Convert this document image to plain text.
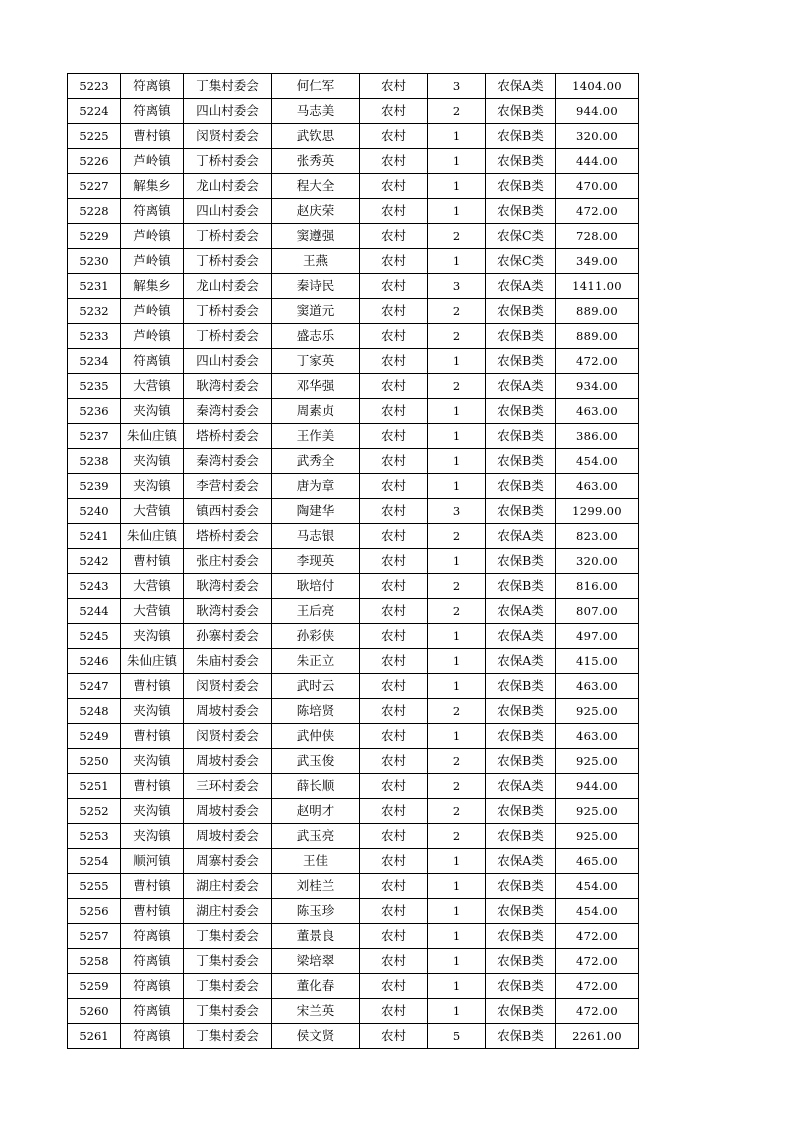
5223	符离镇	丁集村委会	何仁军	农村	3	农保A类	1404.00
5224	符离镇	四山村委会	马志美	农村	2	农保B类	944.00
5225	曹村镇	闵贤村委会	武钦思	农村	1	农保B类	320.00
5226	芦岭镇	丁桥村委会	张秀英	农村	1	农保B类	444.00
5227	解集乡	龙山村委会	程大全	农村	1	农保B类	470.00
5228	符离镇	四山村委会	赵庆荣	农村	1	农保B类	472.00
5229	芦岭镇	丁桥村委会	窦遵强	农村	2	农保C类	728.00
5230	芦岭镇	丁桥村委会	王燕	农村	1	农保C类	349.00
5231	解集乡	龙山村委会	秦诗民	农村	3	农保A类	1411.00
5232	芦岭镇	丁桥村委会	窦道元	农村	2	农保B类	889.00
5233	芦岭镇	丁桥村委会	盛志乐	农村	2	农保B类	889.00
5234	符离镇	四山村委会	丁家英	农村	1	农保B类	472.00
5235	大营镇	耿湾村委会	邓华强	农村	2	农保A类	934.00
5236	夹沟镇	秦湾村委会	周素贞	农村	1	农保B类	463.00
5237	朱仙庄镇	塔桥村委会	王作美	农村	1	农保B类	386.00
5238	夹沟镇	秦湾村委会	武秀全	农村	1	农保B类	454.00
5239	夹沟镇	李营村委会	唐为章	农村	1	农保B类	463.00
5240	大营镇	镇西村委会	陶建华	农村	3	农保B类	1299.00
5241	朱仙庄镇	塔桥村委会	马志银	农村	2	农保A类	823.00
5242	曹村镇	张庄村委会	李现英	农村	1	农保B类	320.00
5243	大营镇	耿湾村委会	耿培付	农村	2	农保B类	816.00
5244	大营镇	耿湾村委会	王后亮	农村	2	农保A类	807.00
5245	夹沟镇	孙寨村委会	孙彩侠	农村	1	农保A类	497.00
5246	朱仙庄镇	朱庙村委会	朱正立	农村	1	农保A类	415.00
5247	曹村镇	闵贤村委会	武时云	农村	1	农保B类	463.00
5248	夹沟镇	周坡村委会	陈培贤	农村	2	农保B类	925.00
5249	曹村镇	闵贤村委会	武仲侠	农村	1	农保B类	463.00
5250	夹沟镇	周坡村委会	武玉俊	农村	2	农保B类	925.00
5251	曹村镇	三环村委会	薛长顺	农村	2	农保A类	944.00
5252	夹沟镇	周坡村委会	赵明才	农村	2	农保B类	925.00
5253	夹沟镇	周坡村委会	武玉亮	农村	2	农保B类	925.00
5254	顺河镇	周寨村委会	王佳	农村	1	农保A类	465.00
5255	曹村镇	湖庄村委会	刘桂兰	农村	1	农保B类	454.00
5256	曹村镇	湖庄村委会	陈玉珍	农村	1	农保B类	454.00
5257	符离镇	丁集村委会	董景良	农村	1	农保B类	472.00
5258	符离镇	丁集村委会	梁培翠	农村	1	农保B类	472.00
5259	符离镇	丁集村委会	董化春	农村	1	农保B类	472.00
5260	符离镇	丁集村委会	宋兰英	农村	1	农保B类	472.00
5261	符离镇	丁集村委会	侯文贤	农村	5	农保B类	2261.00
